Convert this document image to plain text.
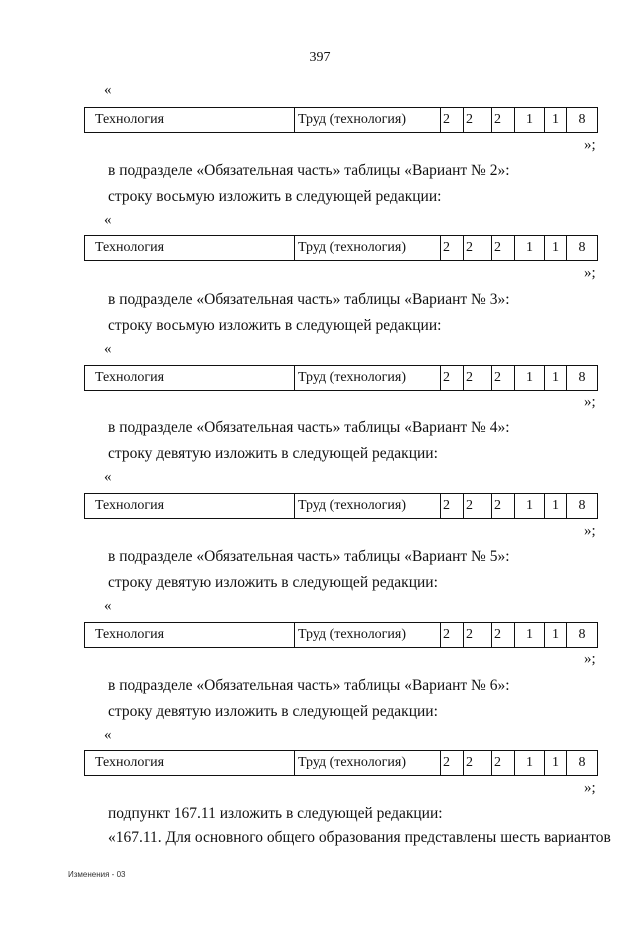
397
«
Технология	Труд (технология)	2	2	2	1	1	8
»;
в подразделе «Обязательная часть» таблицы «Вариант № 2»:
строку восьмую изложить в следующей редакции:
«
Технология	Труд (технология)	2	2	2	1	1	8
»;
в подразделе «Обязательная часть» таблицы «Вариант № 3»:
строку восьмую изложить в следующей редакции:
«
Технология	Труд (технология)	2	2	2	1	1	8
»;
в подразделе «Обязательная часть» таблицы «Вариант № 4»:
строку девятую изложить в следующей редакции:
«
Технология	Труд (технология)	2	2	2	1	1	8
»;
в подразделе «Обязательная часть» таблицы «Вариант № 5»:
строку девятую изложить в следующей редакции:
«
Технология	Труд (технология)	2	2	2	1	1	8
»;
в подразделе «Обязательная часть» таблицы «Вариант № 6»:
строку девятую изложить в следующей редакции:
«
Технология	Труд (технология)	2	2	2	1	1	8
»;
подпункт 167.11 изложить в следующей редакции:
«167.11. Для основного общего образования представлены шесть вариантов
Изменения - 03
